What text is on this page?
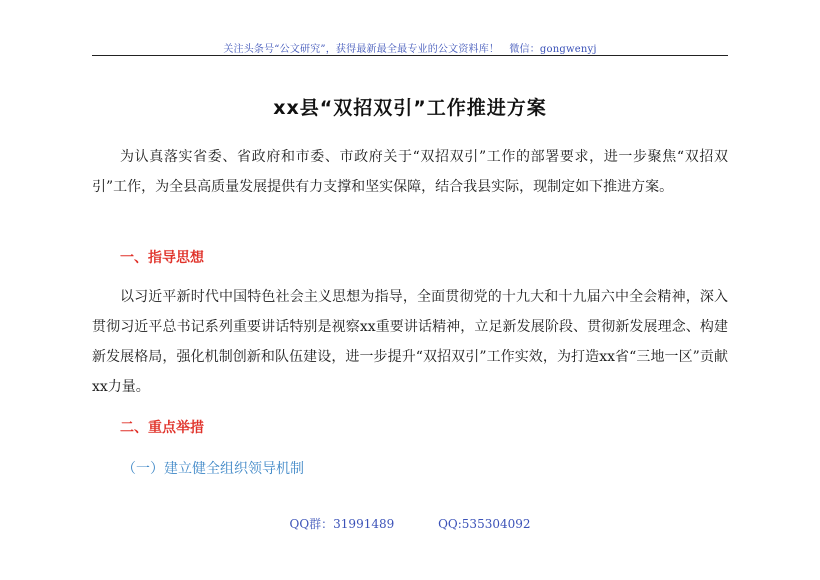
关注头条号“公文研究”，获得最新最全最专业的公文资料库！　微信：gongwenyj
xx县“双招双引”工作推进方案

为认真落实省委、省政府和市委、市政府关于“双招双引”工作的部署要求，进一步聚焦“双招双引”工作，为全县高质量发展提供有力支撑和坚实保障，结合我县实际，现制定如下推进方案。

一、指导思想

以习近平新时代中国特色社会主义思想为指导，全面贯彻党的十九大和十九届六中全会精神，深入贯彻习近平总书记系列重要讲话特别是视察xx重要讲话精神，立足新发展阶段、贯彻新发展理念、构建新发展格局，强化机制创新和队伍建设，进一步提升“双招双引”工作实效，为打造xx省“三地一区”贡献xx力量。

二、重点举措
（一）建立健全组织领导机制
QQ群：31991489	QQ:535304092
